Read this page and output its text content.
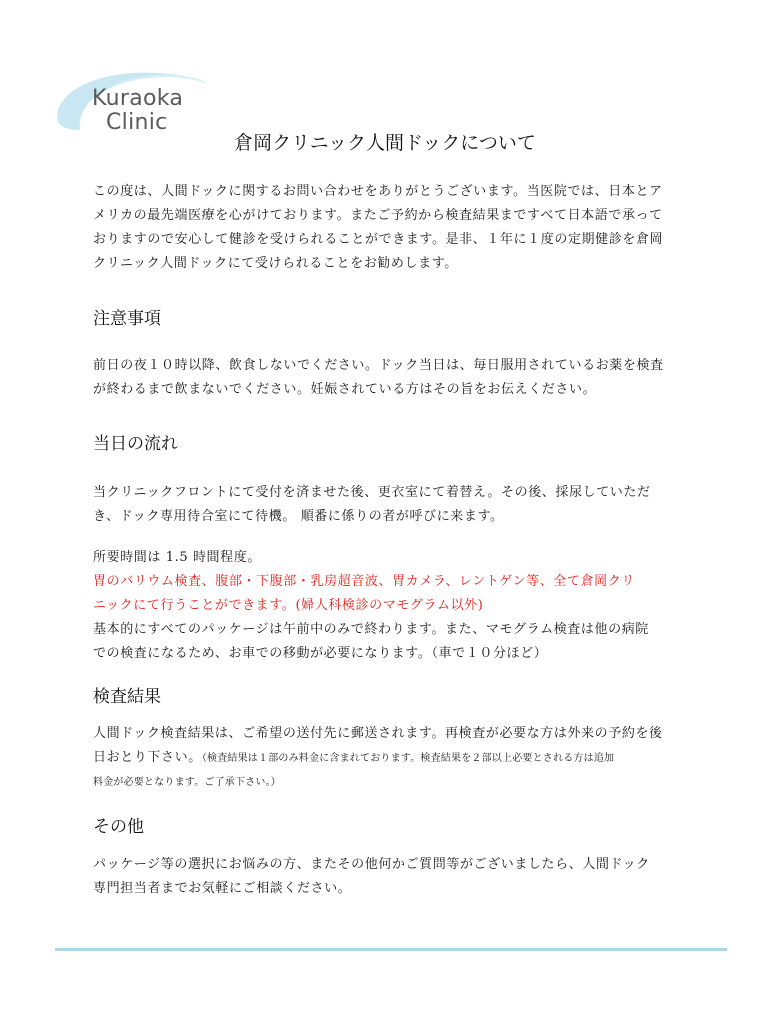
Kuraoka
Clinic
倉岡クリニック人間ドックについて
この度は、人間ドックに関するお問い合わせをありがとうございます。当医院では、日本とア
メリカの最先端医療を心がけております。またご予約から検査結果まですべて日本語で承って
おりますので安心して健診を受けられることができます。是非、１年に１度の定期健診を倉岡
クリニック人間ドックにて受けられることをお勧めします。
注意事項
前日の夜１０時以降、飲食しないでください。ドック当日は、毎日服用されているお薬を検査
が終わるまで飲まないでください。妊娠されている方はその旨をお伝えください。
当日の流れ
当クリニックフロントにて受付を済ませた後、更衣室にて着替え。その後、採尿していただ
き、ドック専用待合室にて待機。 順番に係りの者が呼びに来ます。
所要時間は 1.5 時間程度。
胃のバリウム検査、腹部・下腹部・乳房超音波、胃カメラ、レントゲン等、全て倉岡クリ
ニックにて行うことができます。(婦人科検診のマモグラム以外)
基本的にすべてのパッケージは午前中のみで終わります。また、マモグラム検査は他の病院
での検査になるため、お車での移動が必要になります。（車で１０分ほど）
検査結果
人間ドック検査結果は、ご希望の送付先に郵送されます。再検査が必要な方は外来の予約を後
日おとり下さい。（検査結果は１部のみ料金に含まれております。検査結果を２部以上必要とされる方は追加
料金が必要となります。ご了承下さい。）
その他
パッケージ等の選択にお悩みの方、またその他何かご質問等がございましたら、人間ドック
専門担当者までお気軽にご相談ください。
